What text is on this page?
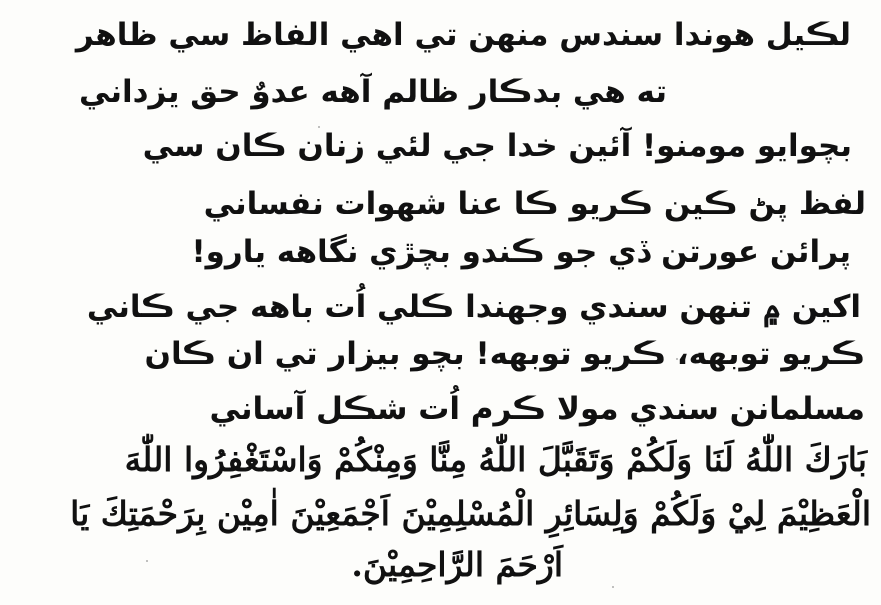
لڪيل هوندا سندس منهن تي اهي الفاظ سي ظاهر
ته هي بدڪار ظالم آهه عدوٌ حق يزداني
بچوايو مومنو! آئين خدا جي لئي زنان ڪان سي
لفظ پڻ ڪين ڪريو ڪا عنا شهوات نفساني
پرائن عورتن ڏي جو ڪندو بچڙي نگاهه يارو!
اکين ۾ تنهن سندي وجهندا ڪلي اُت باهه جي ڪاني
ڪريو توبهه، ڪريو توبهه! بچو بيزار تي ان ڪان
مسلمانن سندي مولا ڪرم اُت شڪل آساني
بَارَكَ اللّٰهُ لَنَا وَلَكُمْ وَتَقَبَّلَ اللّٰهُ مِنَّا وَمِنْكُمْ وَاسْتَغْفِرُوا اللّٰهَ
الْعَظِيْمَ لِيْ وَلَكُمْ وَلِسَائِرِ الْمُسْلِمِيْنَ اَجْمَعِيْنَ اٰمِيْن بِرَحْمَتِكَ يَا
اَرْحَمَ الرَّاحِمِيْنَ.
